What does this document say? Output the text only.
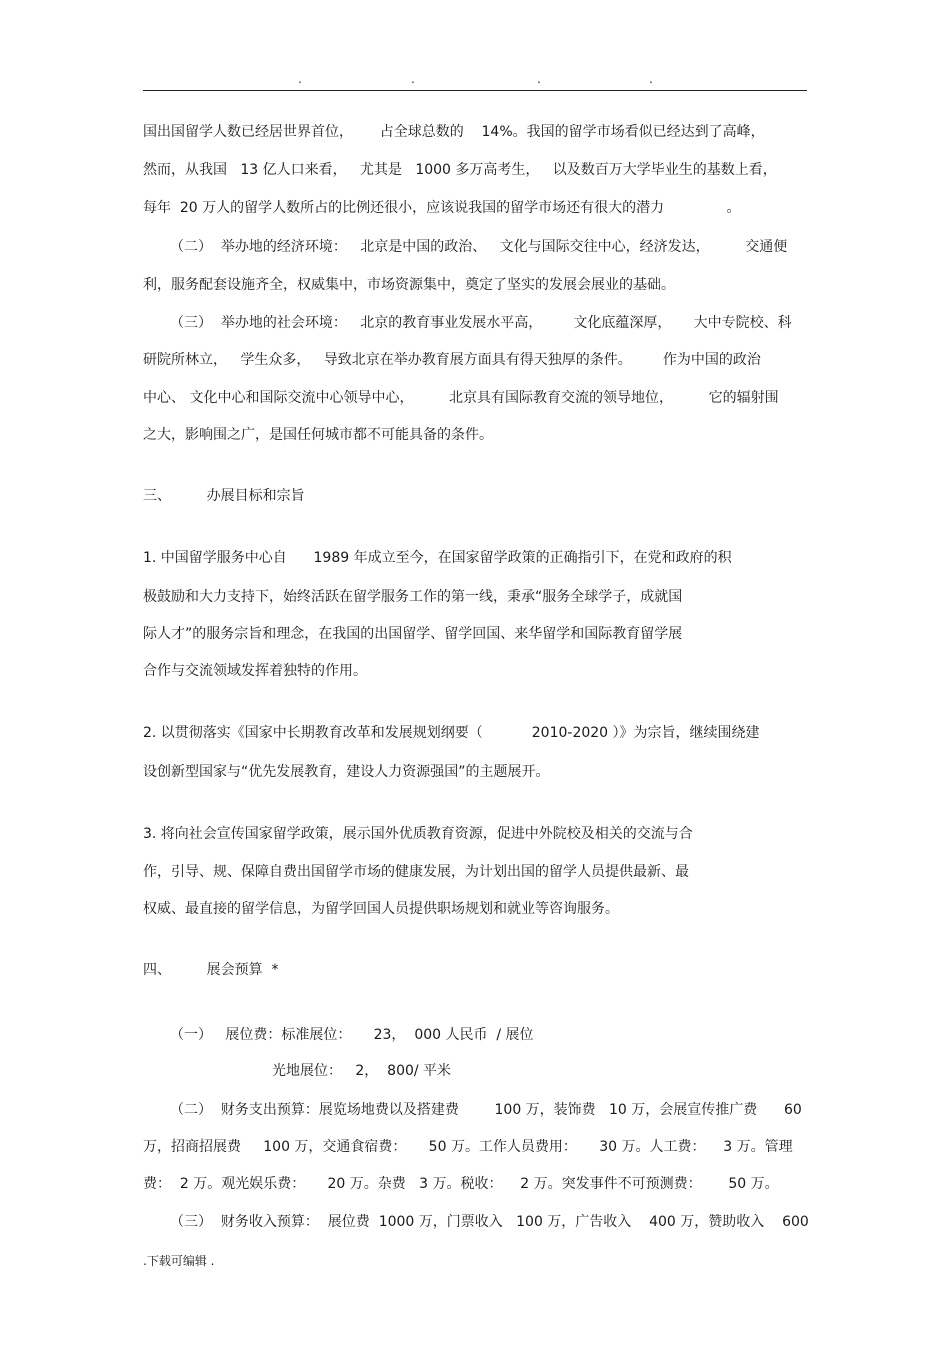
.	.	.	.
国出国留学人数已经居世界首位，      占全球总数的    14%。我国的留学市场看似已经达到了高峰，
然而，从我国   13 亿人口来看，   尤其是   1000 多万高考生，   以及数百万大学毕业生的基数上看，
每年  20 万人的留学人数所占的比例还很小，应该说我国的留学市场还有很大的潜力              。
（二）  举办地的经济环境：   北京是中国的政治、   文化与国际交往中心，经济发达，        交通便
利，服务配套设施齐全，权威集中，市场资源集中，奠定了坚实的发展会展业的基础。
（三）  举办地的社会环境：   北京的教育事业发展水平高，       文化底蕴深厚，     大中专院校、科
研院所林立，   学生众多，   导致北京在举办教育展方面具有得天独厚的条件。       作为中国的政治
中心、 文化中心和国际交流中心领导中心，        北京具有国际教育交流的领导地位，        它的辐射围
之大，影响围之广，是国任何城市都不可能具备的条件。
三、        办展目标和宗旨
1. 中国留学服务中心自      1989 年成立至今，在国家留学政策的正确指引下，在党和政府的积
极鼓励和大力支持下，始终活跃在留学服务工作的第一线，秉承“服务全球学子，成就国
际人才”的服务宗旨和理念，在我国的出国留学、留学回国、来华留学和国际教育留学展
合作与交流领域发挥着独特的作用。
2. 以贯彻落实《国家中长期教育改革和发展规划纲要（           2010-2020 ）》为宗旨，继续围绕建
设创新型国家与“优先发展教育，建设人力资源强国”的主题展开。
3. 将向社会宣传国家留学政策，展示国外优质教育资源，促进中外院校及相关的交流与合
作，引导、规、保障自费出国留学市场的健康发展，为计划出国的留学人员提供最新、最
权威、最直接的留学信息，为留学回国人员提供职场规划和就业等咨询服务。
四、        展会预算  *
（一）   展位费：标准展位：     23，  000 人民币  / 展位
光地展位：   2，  800/ 平米
（二）  财务支出预算：展览场地费以及搭建费        100 万，装饰费   10 万，会展宣传推广费      60
万，招商招展费     100 万，交通食宿费：     50 万。工作人员费用：     30 万。人工费：    3 万。管理
费：  2 万。观光娱乐费：     20 万。杂费   3 万。税收：    2 万。突发事件不可预测费：      50 万。
（三）  财务收入预算：  展位费  1000 万，门票收入   100 万，广告收入    400 万，赞助收入    600
.下载可编辑 .
